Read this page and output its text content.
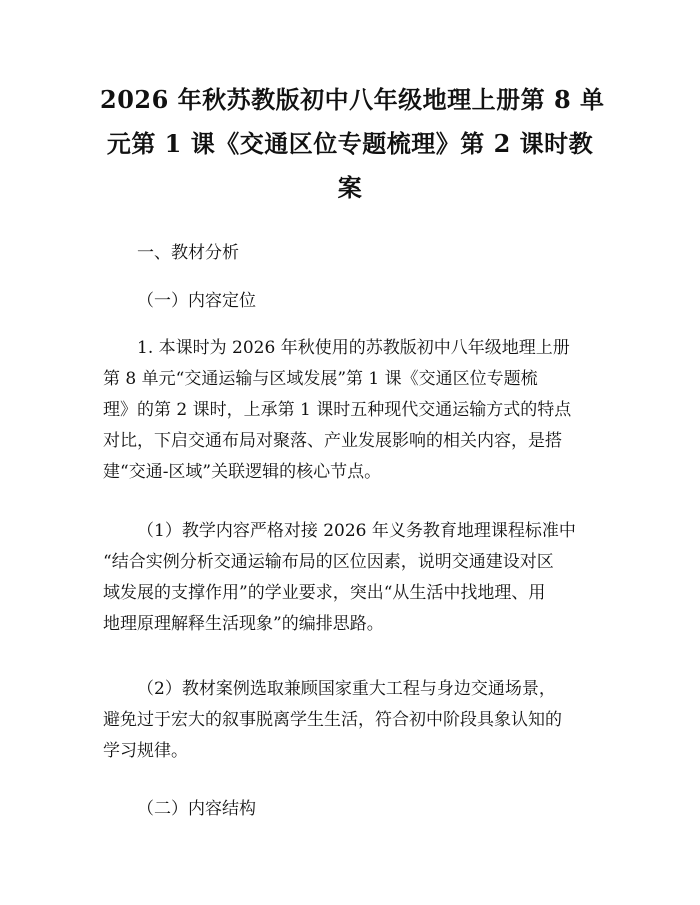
2026 年秋苏教版初中八年级地理上册第 8 单
元第 1 课《交通区位专题梳理》第 2 课时教
案

一、教材分析

（一）内容定位

1. 本课时为 2026 年秋使用的苏教版初中八年级地理上册
第 8 单元“交通运输与区域发展”第 1 课《交通区位专题梳
理》的第 2 课时，上承第 1 课时五种现代交通运输方式的特点
对比，下启交通布局对聚落、产业发展影响的相关内容，是搭
建“交通-区域”关联逻辑的核心节点。

（1）教学内容严格对接 2026 年义务教育地理课程标准中
“结合实例分析交通运输布局的区位因素，说明交通建设对区
域发展的支撑作用”的学业要求，突出“从生活中找地理、用
地理原理解释生活现象”的编排思路。

（2）教材案例选取兼顾国家重大工程与身边交通场景，
避免过于宏大的叙事脱离学生生活，符合初中阶段具象认知的
学习规律。

（二）内容结构
